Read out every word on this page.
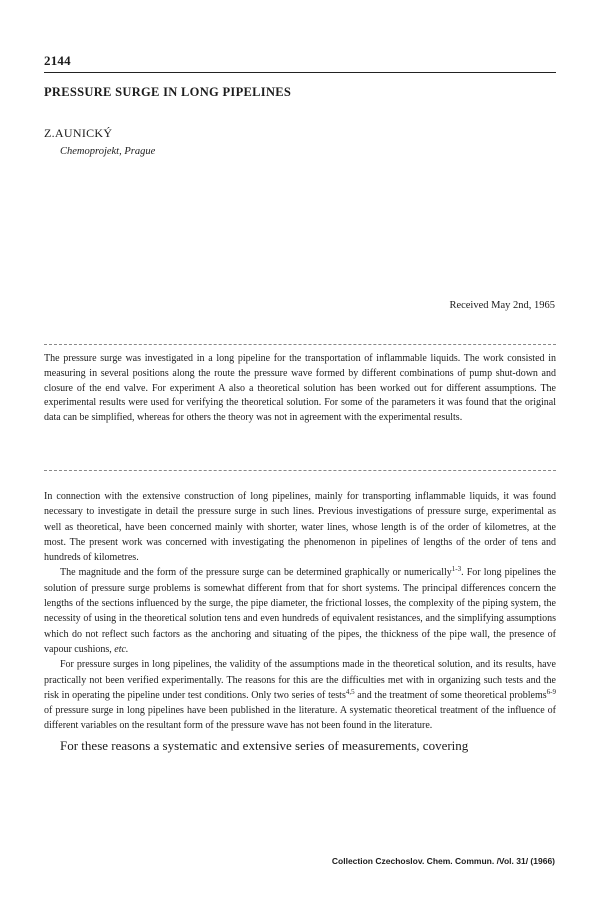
2144
PRESSURE SURGE IN LONG PIPELINES
Z.AUNICKÝ
Chemoprojekt, Prague
Received May 2nd, 1965

The pressure surge was investigated in a long pipeline for the transportation of inflammable liquids. The work consisted in measuring in several positions along the route the pressure wave formed by different combinations of pump shut-down and closure of the end valve. For experiment A also a theoretical solution has been worked out for different assumptions. The experimental results were used for verifying the theoretical solution. For some of the parameters it was found that the original data can be simplified, whereas for others the theory was not in agreement with the experimental results.

In connection with the extensive construction of long pipelines, mainly for transporting inflammable liquids, it was found necessary to investigate in detail the pressure surge in such lines. Previous investigations of pressure surge, experimental as well as theoretical, have been concerned mainly with shorter, water lines, whose length is of the order of kilometres, at the most. The present work was concerned with investigating the phenomenon in pipelines of lengths of the order of tens and hundreds of kilometres.

The magnitude and the form of the pressure surge can be determined graphically or numerically$^{1-3}$. For long pipelines the solution of pressure surge problems is somewhat different from that for short systems. The principal differences concern the lengths of the sections influenced by the surge, the pipe diameter, the frictional losses, the complexity of the piping system, the necessity of using in the theoretical solution tens and even hundreds of equivalent resistances, and the simplifying assumptions which do not reflect such factors as the anchoring and situating of the pipes, the thickness of the pipe wall, the presence of vapour cushions, etc.

For pressure surges in long pipelines, the validity of the assumptions made in the theoretical solution, and its results, have practically not been verified experimentally. The reasons for this are the difficulties met with in organizing such tests and the risk in operating the pipeline under test conditions. Only two series of tests$^{4,5}$ and the treatment of some theoretical problems$^{6-9}$ of pressure surge in long pipelines have been published in the literature. A systematic theoretical treatment of the influence of different variables on the resultant form of the pressure wave has not been found in the literature.

For these reasons a systematic and extensive series of measurements, covering

Collection Czechoslov. Chem. Commun. /Vol. 31/ (1966)
